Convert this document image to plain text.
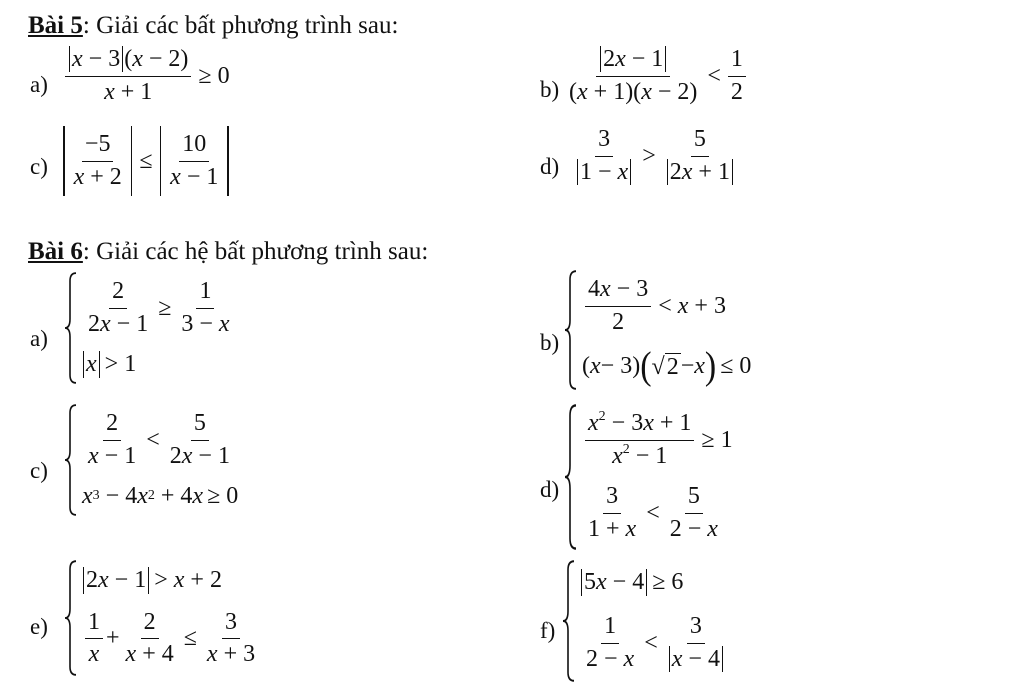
Bài 5: Giải các bất phương trình sau:
$a) \frac{x - 3 (x - 2)}{x + 1} \ge 0$
$b) \frac{2x - 1}{(x + 1)(x - 2)} < \frac{1}{2}$
$c) \frac{-5}{x + 2} \le \frac{10}{x - 1}$	$d) \frac{3}{1 - x} > \frac{5}{2x + 1}$
Bài 6: Giải các hệ bất phương trình sau:
a)
$\frac{2}{2x - 1} \ge \frac{1}{3 - x}$
x > 1
b)
$\frac{4x - 3}{2} < x + 3$
( x − 3) ( √ 2 − x ) ≤ 0
c)
$\frac{2}{x - 1} < \frac{5}{2x - 1}$
x 3 − 4 x 2 + 4 x ≥ 0	d)
$\frac{x^2 - 3x + 1}{x^2 - 1} \ge 1$
$\frac{3}{1 + x} < \frac{5}{2 - x}$
e)
2x − 1 > x + 2
$\frac{1}{x} + \frac{2}{x + 4} \le \frac{3}{x + 3}$	f)
5x − 4 ≥ 6
$\frac{1}{2 - x} < \frac{3}{x - 4}$
